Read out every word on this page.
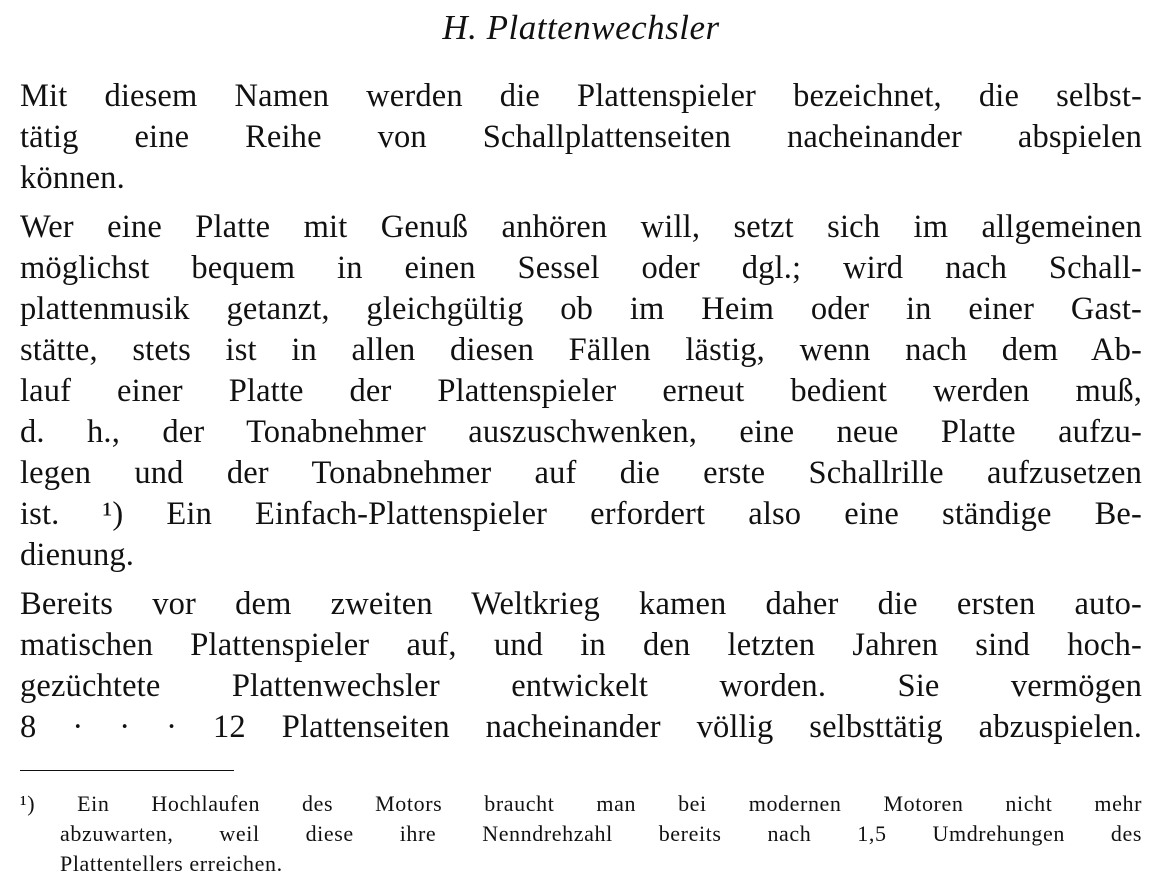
H. Plattenwechsler
Mit diesem Namen werden die Plattenspieler bezeichnet, die selbst-
tätig eine Reihe von Schallplattenseiten nacheinander abspielen
können.
Wer eine Platte mit Genuß anhören will, setzt sich im allgemeinen
möglichst bequem in einen Sessel oder dgl.; wird nach Schall-
plattenmusik getanzt, gleichgültig ob im Heim oder in einer Gast-
stätte, stets ist in allen diesen Fällen lästig, wenn nach dem Ab-
lauf einer Platte der Plattenspieler erneut bedient werden muß,
d. h., der Tonabnehmer auszuschwenken, eine neue Platte aufzu-
legen und der Tonabnehmer auf die erste Schallrille aufzusetzen
ist. ¹) Ein Einfach-Plattenspieler erfordert also eine ständige Be-
dienung.
Bereits vor dem zweiten Weltkrieg kamen daher die ersten auto-
matischen Plattenspieler auf, und in den letzten Jahren sind hoch-
gezüchtete Plattenwechsler entwickelt worden. Sie vermögen
8 · · · 12 Plattenseiten nacheinander völlig selbsttätig abzuspielen.
¹) Ein Hochlaufen des Motors braucht man bei modernen Motoren nicht mehr
abzuwarten, weil diese ihre Nenndrehzahl bereits nach 1,5 Umdrehungen des
Plattentellers erreichen.
